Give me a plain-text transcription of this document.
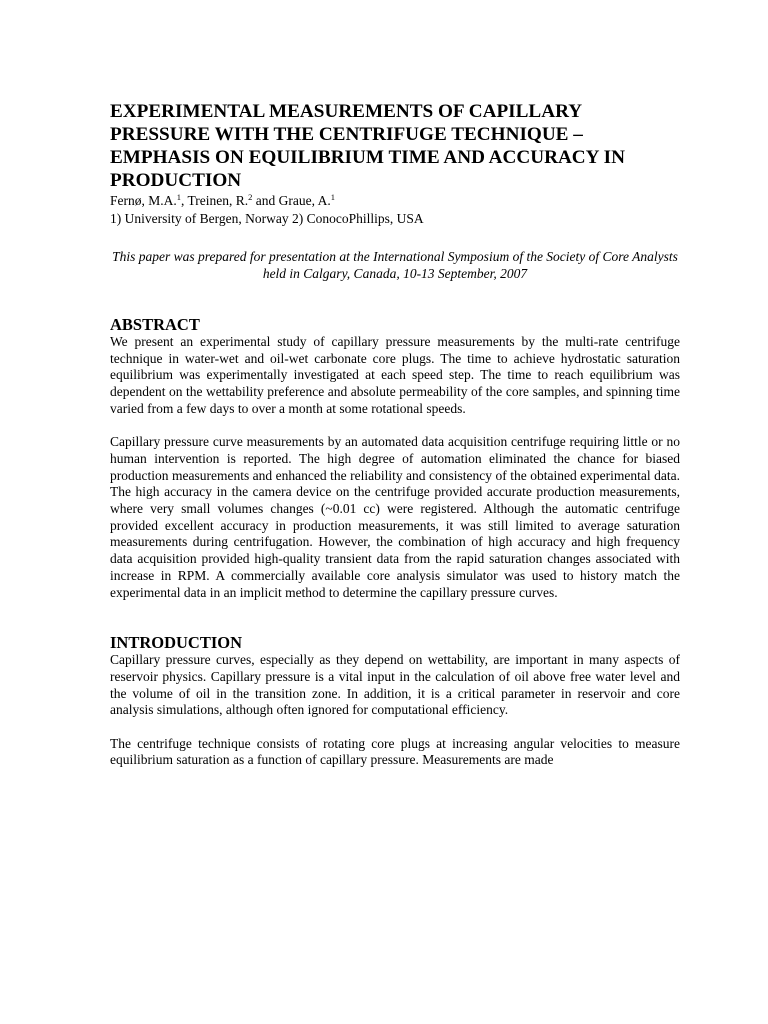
EXPERIMENTAL MEASUREMENTS OF CAPILLARY PRESSURE WITH THE CENTRIFUGE TECHNIQUE – EMPHASIS ON EQUILIBRIUM TIME AND ACCURACY IN PRODUCTION

Fernø, M.A.$^1$, Treinen, R.$^2$ and Graue, A.$^1$

1) University of Bergen, Norway 2) ConocoPhillips, USA

This paper was prepared for presentation at the International Symposium of the Society of Core Analysts held in Calgary, Canada, 10-13 September, 2007

ABSTRACT

We present an experimental study of capillary pressure measurements by the multi-rate centrifuge technique in water-wet and oil-wet carbonate core plugs. The time to achieve hydrostatic saturation equilibrium was experimentally investigated at each speed step. The time to reach equilibrium was dependent on the wettability preference and absolute permeability of the core samples, and spinning time varied from a few days to over a month at some rotational speeds.

Capillary pressure curve measurements by an automated data acquisition centrifuge requiring little or no human intervention is reported. The high degree of automation eliminated the chance for biased production measurements and enhanced the reliability and consistency of the obtained experimental data. The high accuracy in the camera device on the centrifuge provided accurate production measurements, where very small volumes changes (~0.01 cc) were registered. Although the automatic centrifuge provided excellent accuracy in production measurements, it was still limited to average saturation measurements during centrifugation. However, the combination of high accuracy and high frequency data acquisition provided high-quality transient data from the rapid saturation changes associated with increase in RPM. A commercially available core analysis simulator was used to history match the experimental data in an implicit method to determine the capillary pressure curves.

INTRODUCTION

Capillary pressure curves, especially as they depend on wettability, are important in many aspects of reservoir physics. Capillary pressure is a vital input in the calculation of oil above free water level and the volume of oil in the transition zone. In addition, it is a critical parameter in reservoir and core analysis simulations, although often ignored for computational efficiency.

The centrifuge technique consists of rotating core plugs at increasing angular velocities to measure equilibrium saturation as a function of capillary pressure. Measurements are made
